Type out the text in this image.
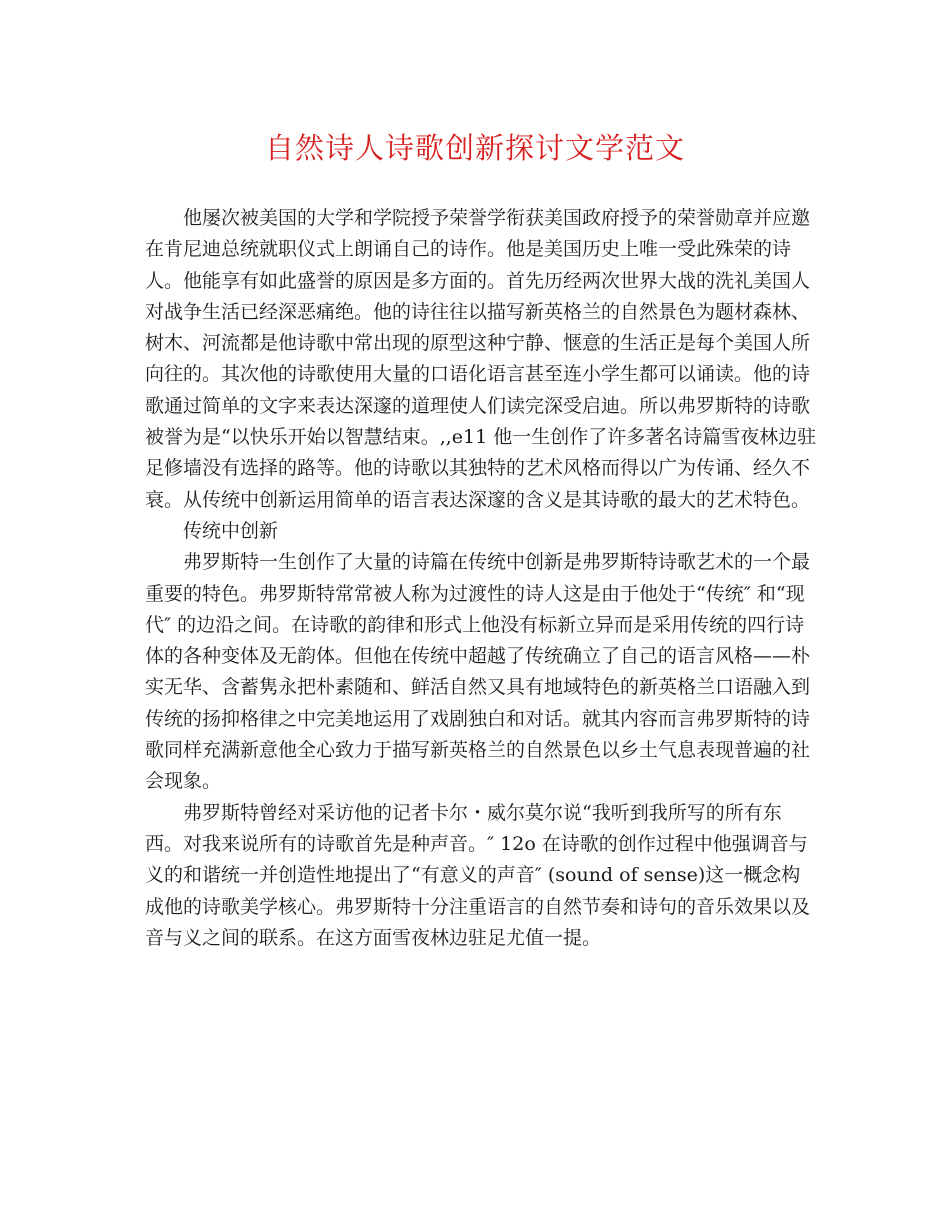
自然诗人诗歌创新探讨文学范文
他屡次被美国的大学和学院授予荣誉学衔获美国政府授予的荣誉勋章并应邀
在肯尼迪总统就职仪式上朗诵自己的诗作。他是美国历史上唯一受此殊荣的诗
人。他能享有如此盛誉的原因是多方面的。首先历经两次世界大战的洗礼美国人
对战争生活已经深恶痛绝。他的诗往往以描写新英格兰的自然景色为题材森林、
树木、河流都是他诗歌中常出现的原型这种宁静、惬意的生活正是每个美国人所
向往的。其次他的诗歌使用大量的口语化语言甚至连小学生都可以诵读。他的诗
歌通过简单的文字来表达深邃的道理使人们读完深受启迪。所以弗罗斯特的诗歌
被誉为是“以快乐开始以智慧结束。,,e11 他一生创作了许多著名诗篇雪夜林边驻
足修墙没有选择的路等。他的诗歌以其独特的艺术风格而得以广为传诵、经久不
衰。从传统中创新运用简单的语言表达深邃的含义是其诗歌的最大的艺术特色。
传统中创新
弗罗斯特一生创作了大量的诗篇在传统中创新是弗罗斯特诗歌艺术的一个最
重要的特色。弗罗斯特常常被人称为过渡性的诗人这是由于他处于“传统″ 和“现
代″ 的边沿之间。在诗歌的韵律和形式上他没有标新立异而是采用传统的四行诗
体的各种变体及无韵体。但他在传统中超越了传统确立了自己的语言风格——朴
实无华、含蓄隽永把朴素随和、鲜活自然又具有地域特色的新英格兰口语融入到
传统的扬抑格律之中完美地运用了戏剧独白和对话。就其内容而言弗罗斯特的诗
歌同样充满新意他全心致力于描写新英格兰的自然景色以乡土气息表现普遍的社
会现象。
弗罗斯特曾经对采访他的记者卡尔・威尔莫尔说“我听到我所写的所有东
西。对我来说所有的诗歌首先是种声音。″ 12o 在诗歌的创作过程中他强调音与
义的和谐统一并创造性地提出了“有意义的声音″ (sound of sense)这一概念构
成他的诗歌美学核心。弗罗斯特十分注重语言的自然节奏和诗句的音乐效果以及
音与义之间的联系。在这方面雪夜林边驻足尤值一提。
